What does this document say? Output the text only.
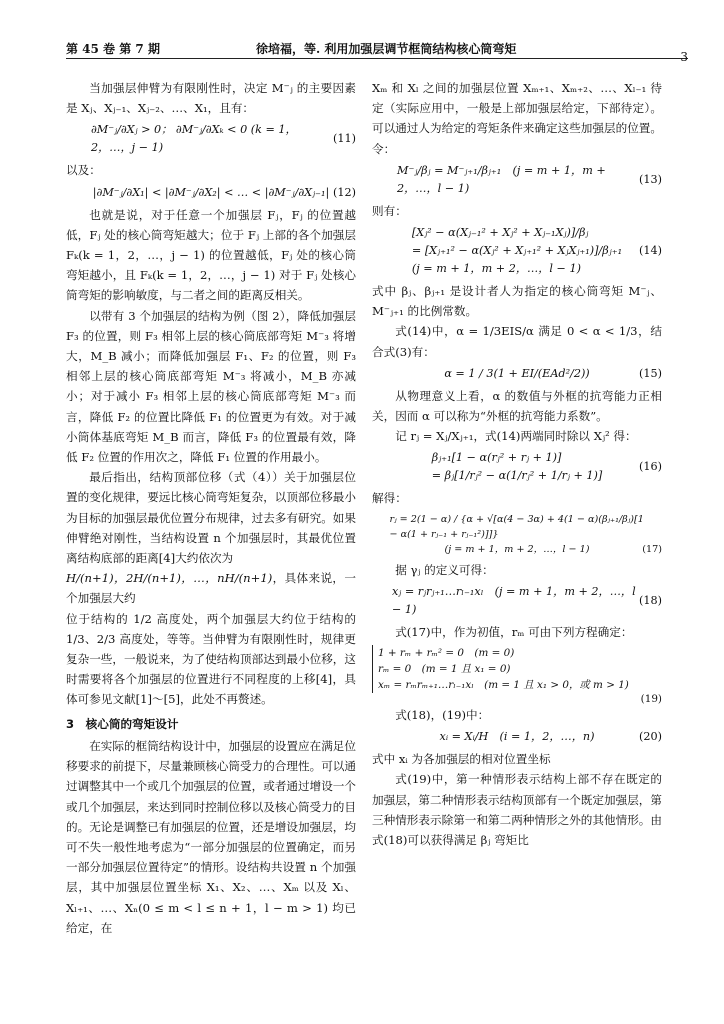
第 45 卷 第 7 期	徐培福，等. 利用加强层调节框筒结构核心筒弯矩
3

当加强层伸臂为有限刚性时，决定 M⁻ⱼ 的主要因素是 Xⱼ、Xⱼ₋₁、Xⱼ₋₂、…、X₁，且有：

∂M⁻ⱼ/∂Xⱼ > 0； ∂M⁻ⱼ/∂Xₖ < 0 (k = 1，2，…，j − 1)
(11)

以及：

|∂M⁻ⱼ/∂X₁| < |∂M⁻ⱼ/∂X₂| < … < |∂M⁻ⱼ/∂Xⱼ₋₁| (12)

也就是说，对于任意一个加强层 Fⱼ，Fⱼ 的位置越低，Fⱼ 处的核心筒弯矩越大；位于 Fⱼ 上部的各个加强层 Fₖ(k = 1，2，…，j − 1) 的位置越低，Fⱼ 处的核心筒弯矩越小，且 Fₖ(k = 1，2，…，j − 1) 对于 Fⱼ 处核心筒弯矩的影响敏度，与二者之间的距离反相关。

以带有 3 个加强层的结构为例（图 2），降低加强层 F₃ 的位置，则 F₃ 相邻上层的核心筒底部弯矩 M⁻₃ 将增大，M_B 减小；而降低加强层 F₁、F₂ 的位置，则 F₃ 相邻上层的核心筒底部弯矩 M⁻₃ 将减小，M_B 亦减小；对于减小 F₃ 相邻上层的核心筒底部弯矩 M⁻₃ 而言，降低 F₂ 的位置比降低 F₁ 的位置更为有效。对于减小筒体基底弯矩 M_B 而言，降低 F₃ 的位置最有效，降低 F₂ 位置的作用次之，降低 F₁ 位置的作用最小。

最后指出，结构顶部位移（式（4））关于加强层位置的变化规律，要远比核心筒弯矩复杂，以顶部位移最小为目标的加强层最优位置分布规律，过去多有研究。如果伸臂绝对刚性，当结构设置 n 个加强层时，其最优位置离结构底部的距离[4]大约依次为

H/(n+1)，2H/(n+1)，…，nH/(n+1)，具体来说，一个加强层大约

位于结构的 1/2 高度处，两个加强层大约位于结构的 1/3、2/3 高度处，等等。当伸臂为有限刚性时，规律更复杂一些，一般说来，为了使结构顶部达到最小位移，这时需要将各个加强层的位置进行不同程度的上移[4]，具体可参见文献[1]～[5]，此处不再赘述。

3　核心筒的弯矩设计

在实际的框筒结构设计中，加强层的设置应在满足位移要求的前提下，尽量兼顾核心筒受力的合理性。可以通过调整其中一个或几个加强层的位置，或者通过增设一个或几个加强层，来达到同时控制位移以及核心筒受力的目的。无论是调整已有加强层的位置，还是增设加强层，均可不失一般性地考虑为“一部分加强层的位置确定，而另一部分加强层位置待定”的情形。设结构共设置 n 个加强层，其中加强层位置坐标 X₁、X₂、…、Xₘ 以及 Xₗ、Xₗ₊₁、…、Xₙ(0 ≤ m < l ≤ n + 1，l − m > 1) 均已给定，在

Xₘ 和 Xₗ 之间的加强层位置 Xₘ₊₁、Xₘ₊₂、…、Xₗ₋₁ 待定（实际应用中，一般是上部加强层给定，下部待定）。可以通过人为给定的弯矩条件来确定这些加强层的位置。令：

M⁻ⱼ/βⱼ = M⁻ⱼ₊₁/βⱼ₊₁　(j = m + 1，m + 2，…，l − 1)
(13)

则有：

[Xⱼ² − α(Xⱼ₋₁² + Xⱼ² + Xⱼ₋₁Xⱼ)]/βⱼ
= [Xⱼ₊₁² − α(Xⱼ² + Xⱼ₊₁² + XⱼXⱼ₊₁)]/βⱼ₊₁
(j = m + 1，m + 2，…，l − 1)
(14)

式中 βⱼ、βⱼ₊₁ 是设计者人为指定的核心筒弯矩 M⁻ⱼ、M⁻ⱼ₊₁ 的比例常数。

式(14)中，α = 1/3EIS/α 满足 0 < α < 1/3，结合式(3)有：

α = 1 / 3(1 + EI/(EAd²/2))	(15)

从物理意义上看，α 的数值与外框的抗弯能力正相关，因而 α 可以称为“外框的抗弯能力系数”。

记 rⱼ = Xⱼ/Xⱼ₊₁，式(14)两端同时除以 Xⱼ² 得：

βⱼ₊₁[1 − α(rⱼ² + rⱼ + 1)]
= βⱼ[1/rⱼ² − α(1/rⱼ² + 1/rⱼ + 1)]
(16)

解得：

rⱼ = 2(1 − α) / {α + √[α(4 − 3α) + 4(1 − α)(βⱼ₊₁/βⱼ)[1 − α(1 + rⱼ₋₁ + rⱼ₋₁²)]]}
(j = m + 1，m + 2，…，l − 1)	(17)

据 γⱼ 的定义可得：

xⱼ = rⱼrⱼ₊₁…rₗ₋₁xₗ　(j = m + 1，m + 2，…，l − 1)
(18)

式(17)中，作为初值，rₘ 可由下列方程确定：

1 + rₘ + rₘ² = 0　(m = 0)
rₘ = 0　(m = 1 且 x₁ = 0)
xₘ = rₘrₘ₊₁…rₗ₋₁xₗ　(m = 1 且 x₁ > 0，或 m > 1)
(19)

式(18)，(19)中：

xᵢ = Xᵢ/H　(i = 1，2，…，n)	(20)

式中 xᵢ 为各加强层的相对位置坐标

式(19)中，第一种情形表示结构上部不存在既定的加强层，第二种情形表示结构顶部有一个既定加强层，第三种情形表示除第一和第二两种情形之外的其他情形。由式(18)可以获得满足 βⱼ 弯矩比
